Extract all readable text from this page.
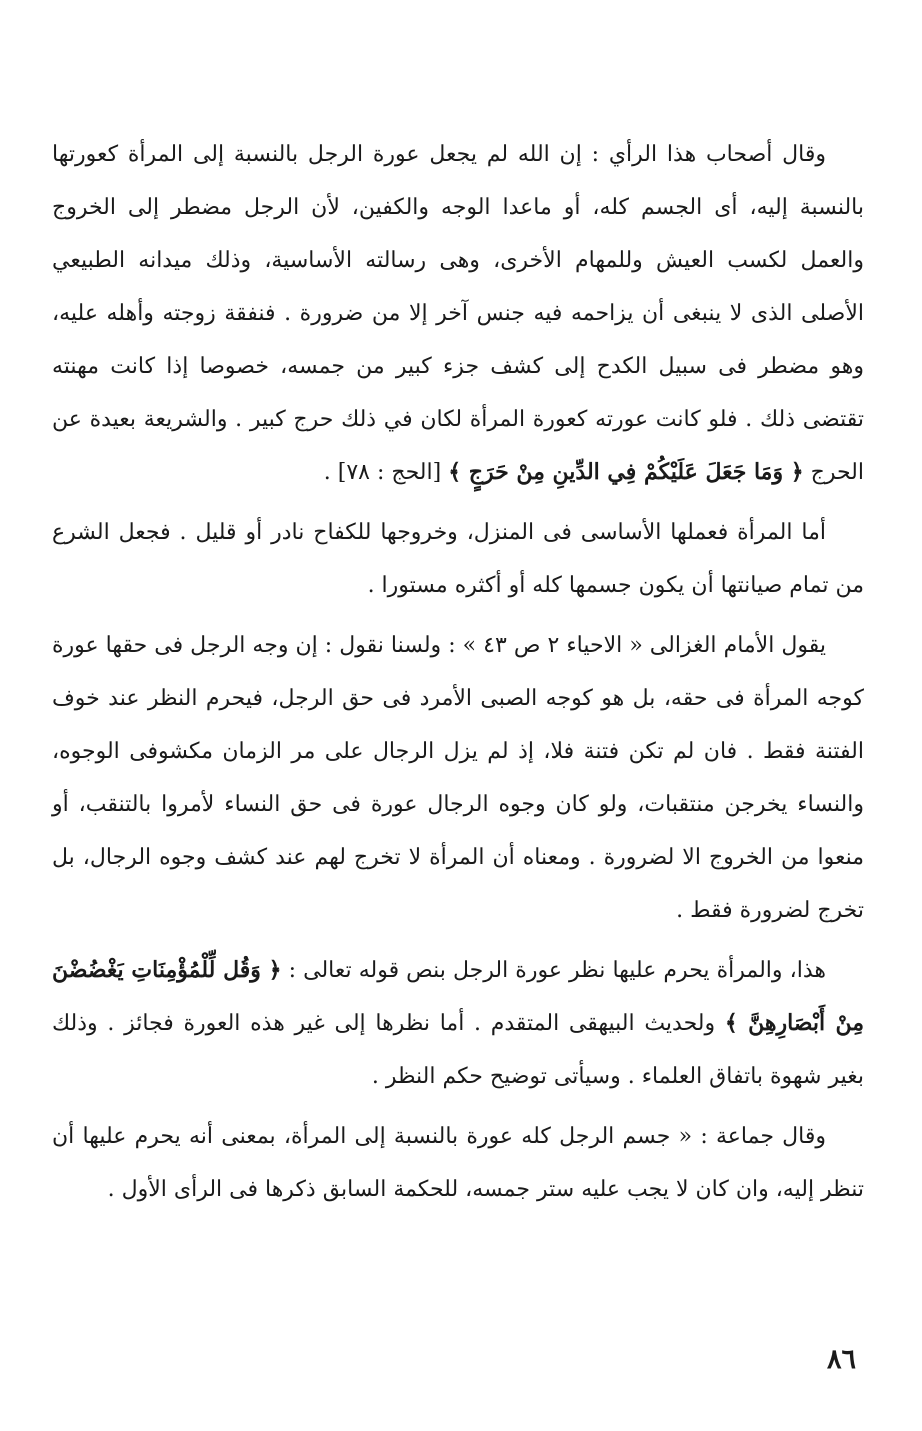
وقال أصحاب هذا الرأي : إن الله لم يجعل عورة الرجل بالنسبة إلى المرأة كعورتها بالنسبة إليه، أى الجسم كله، أو ماعدا الوجه والكفين، لأن الرجل مضطر إلى الخروج والعمل لكسب العيش وللمهام الأخرى، وهى رسالته الأساسية، وذلك ميدانه الطبيعي الأصلى الذى لا ينبغى أن يزاحمه فيه جنس آخر إلا من ضرورة . فنفقة زوجته وأهله عليه، وهو مضطر فى سبيل الكدح إلى كشف جزء كبير من جمسه، خصوصا إذا كانت مهنته تقتضى ذلك . فلو كانت عورته كعورة المرأة لكان في ذلك حرج كبير . والشريعة بعيدة عن الحرج ﴿ وَمَا جَعَلَ عَلَيْكُمْ فِي الدِّينِ مِنْ حَرَجٍ ﴾ [الحج : ٧٨] .

أما المرأة فعملها الأساسى فى المنزل، وخروجها للكفاح نادر أو قليل . فجعل الشرع من تمام صيانتها أن يكون جسمها كله أو أكثره مستورا .

يقول الأمام الغزالى « الاحياء ٢ ص ٤٣ » : ولسنا نقول : إن وجه الرجل فى حقها عورة كوجه المرأة فى حقه، بل هو كوجه الصبى الأمرد فى حق الرجل، فيحرم النظر عند خوف الفتنة فقط . فان لم تكن فتنة فلا، إذ لم يزل الرجال على مر الزمان مكشوفى الوجوه، والنساء يخرجن منتقبات، ولو كان وجوه الرجال عورة فى حق النساء لأمروا بالتنقب، أو منعوا من الخروج الا لضرورة . ومعناه أن المرأة لا تخرج لهم عند كشف وجوه الرجال، بل تخرج لضرورة فقط .

هذا، والمرأة يحرم عليها نظر عورة الرجل بنص قوله تعالى : ﴿ وَقُل لِّلْمُؤْمِنَاتِ يَغْضُضْنَ مِنْ أَبْصَارِهِنَّ ﴾ ولحديث البيهقى المتقدم . أما نظرها إلى غير هذه العورة فجائز . وذلك بغير شهوة باتفاق العلماء . وسيأتى توضيح حكم النظر .

وقال جماعة : « جسم الرجل كله عورة بالنسبة إلى المرأة، بمعنى أنه يحرم عليها أن تنظر إليه، وان كان لا يجب عليه ستر جمسه، للحكمة السابق ذكرها فى الرأى الأول .

٨٦
